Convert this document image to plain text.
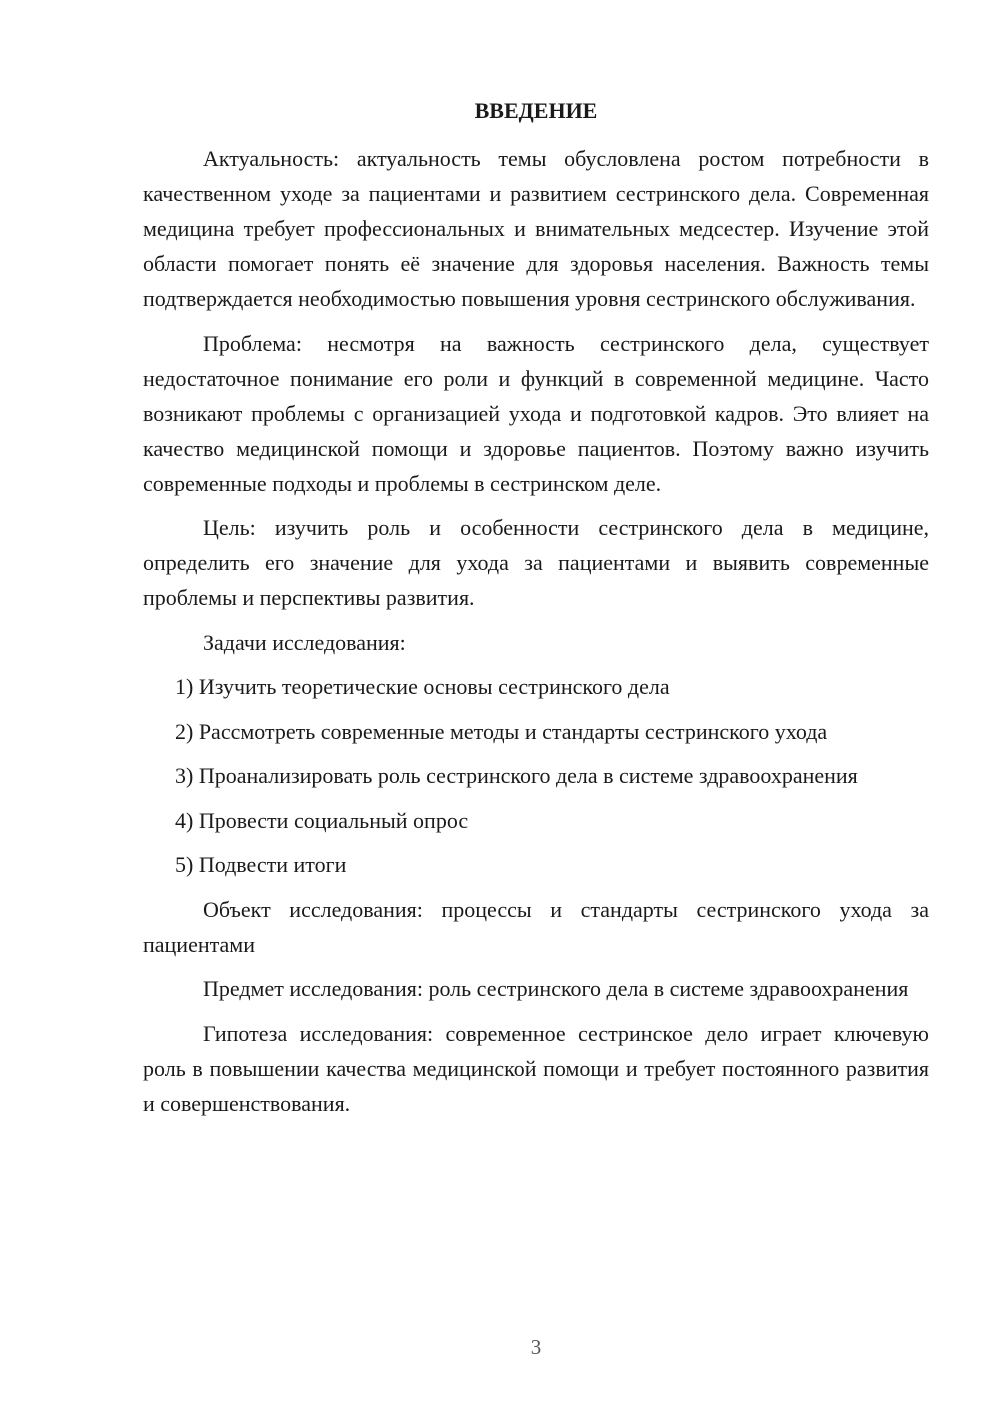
ВВЕДЕНИЕ

Актуальность: актуальность темы обусловлена ростом потребности в качественном уходе за пациентами и развитием сестринского дела. Современная медицина требует профессиональных и внимательных медсестер. Изучение этой области помогает понять её значение для здоровья населения. Важность темы подтверждается необходимостью повышения уровня сестринского обслуживания.

Проблема: несмотря на важность сестринского дела, существует недостаточное понимание его роли и функций в современной медицине. Часто возникают проблемы с организацией ухода и подготовкой кадров. Это влияет на качество медицинской помощи и здоровье пациентов. Поэтому важно изучить современные подходы и проблемы в сестринском деле.

Цель: изучить роль и особенности сестринского дела в медицине, определить его значение для ухода за пациентами и выявить современные проблемы и перспективы развития.

Задачи исследования:

1) Изучить теоретические основы сестринского дела

2) Рассмотреть современные методы и стандарты сестринского ухода

3) Проанализировать роль сестринского дела в системе здравоохранения

4) Провести социальный опрос

5) Подвести итоги

Объект исследования: процессы и стандарты сестринского ухода за пациентами

Предмет исследования: роль сестринского дела в системе здравоохранения

Гипотеза исследования: современное сестринское дело играет ключевую роль в повышении качества медицинской помощи и требует постоянного развития и совершенствования.

3
